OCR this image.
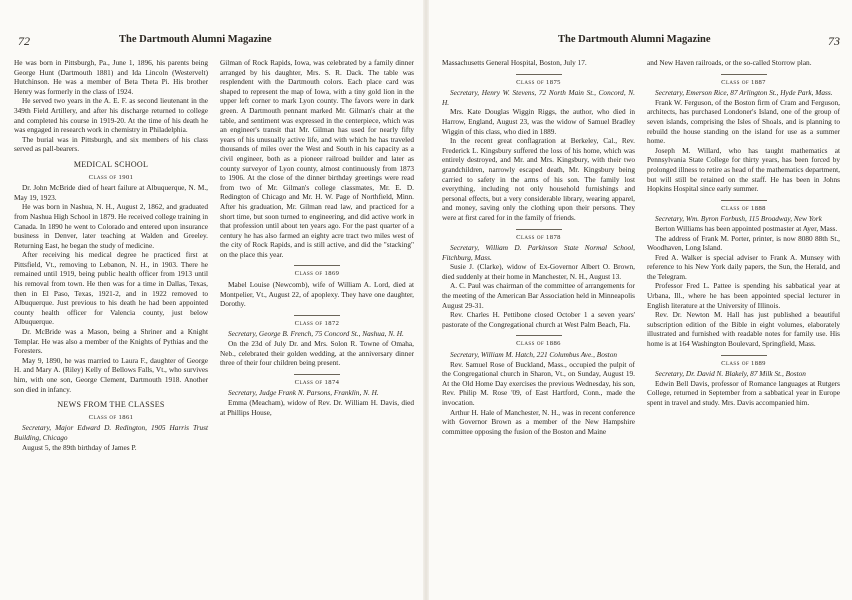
72	The Dartmouth Alumni Magazine

He was born in Pittsburgh, Pa., June 1, 1896, his parents being George Hunt (Dartmouth 1881) and Ida Lincoln (Westervelt) Hutchinson. He was a member of Beta Theta Pi. His brother Henry was formerly in the class of 1924.

He served two years in the A. E. F. as second lieutenant in the 349th Field Artillery, and after his discharge returned to college and completed his course in 1919-20. At the time of his death he was engaged in research work in chemistry in Philadelphia.

The burial was in Pittsburgh, and six members of his class served as pall-bearers.

MEDICAL SCHOOL
Class of 1901

Dr. John McBride died of heart failure at Albuquerque, N. M., May 19, 1923.

He was born in Nashua, N. H., August 2, 1862, and graduated from Nashua High School in 1879. He received college training in Canada. In 1890 he went to Colorado and entered upon insurance business in Denver, later teaching at Walden and Greeley. Returning East, he began the study of medicine.

After receiving his medical degree he practiced first at Pittsfield, Vt., removing to Lebanon, N. H., in 1903. There he remained until 1919, being public health officer from 1913 until his removal from town. He then was for a time in Dallas, Texas, then in El Paso, Texas, 1921-2, and in 1922 removed to Albuquerque. Just previous to his death he had been appointed county health officer for Valencia county, just below Albuquerque.

Dr. McBride was a Mason, being a Shriner and a Knight Templar. He was also a member of the Knights of Pythias and the Foresters.

May 9, 1890, he was married to Laura F., daughter of George H. and Mary A. (Riley) Kelly of Bellows Falls, Vt., who survives him, with one son, George Clement, Dartmouth 1918. Another son died in infancy.

NEWS FROM THE CLASSES
Class of 1861

Secretary, Major Edward D. Redington, 1905 Harris Trust Building, Chicago

August 5, the 89th birthday of James P.

Gilman of Rock Rapids, Iowa, was celebrated by a family dinner arranged by his daughter, Mrs. S. R. Dack. The table was resplendent with the Dartmouth colors. Each place card was shaped to represent the map of Iowa, with a tiny gold lion in the upper left corner to mark Lyon county. The favors were in dark green. A Dartmouth pennant marked Mr. Gilman's chair at the table, and sentiment was expressed in the centerpiece, which was an engineer's transit that Mr. Gilman has used for nearly fifty years of his unusually active life, and with which he has traveled thousands of miles over the West and South in his capacity as a civil engineer, both as a pioneer railroad builder and later as county surveyor of Lyon county, almost continuously from 1873 to 1906. At the close of the dinner birthday greetings were read from two of Mr. Gilman's college classmates, Mr. E. D. Redington of Chicago and Mr. H. W. Page of Northfield, Minn. After his graduation, Mr. Gilman read law, and practiced for a short time, but soon turned to engineering, and did active work in that profession until about ten years ago. For the past quarter of a century he has also farmed an eighty acre tract two miles west of the city of Rock Rapids, and is still active, and did the "stacking" on the place this year.

Class of 1869

Mabel Louise (Newcomb), wife of William A. Lord, died at Montpelier, Vt., August 22, of apoplexy. They have one daughter, Dorothy.

Class of 1872

Secretary, George B. French, 75 Concord St., Nashua, N. H.

On the 23d of July Dr. and Mrs. Solon R. Towne of Omaha, Neb., celebrated their golden wedding, at the anniversary dinner three of their four children being present.

Class of 1874

Secretary, Judge Frank N. Parsons, Franklin, N. H.

Emma (Meacham), widow of Rev. Dr. William H. Davis, died at Phillips House,

The Dartmouth Alumni Magazine	73

Massachusetts General Hospital, Boston, July 17.

Class of 1875

Secretary, Henry W. Stevens, 72 North Main St., Concord, N. H.

Mrs. Kate Douglas Wiggin Riggs, the author, who died in Harrow, England, August 23, was the widow of Samuel Bradley Wiggin of this class, who died in 1889.

In the recent great conflagration at Berkeley, Cal., Rev. Frederick L. Kingsbury suffered the loss of his home, which was entirely destroyed, and Mr. and Mrs. Kingsbury, with their two grandchildren, narrowly escaped death, Mr. Kingsbury being carried to safety in the arms of his son. The family lost everything, including not only household furnishings and personal effects, but a very considerable library, wearing apparel, and money, saving only the clothing upon their persons. They were at first cared for in the family of friends.

Class of 1878

Secretary, William D. Parkinson State Normal School, Fitchburg, Mass.

Susie J. (Clarke), widow of Ex-Governor Albert O. Brown, died suddenly at their home in Manchester, N. H., August 13.

A. C. Paul was chairman of the committee of arrangements for the meeting of the American Bar Association held in Minneapolis August 29-31.

Rev. Charles H. Pettibone closed October 1 a seven years' pastorate of the Congregational church at West Palm Beach, Fla.

Class of 1886

Secretary, William M. Hatch, 221 Columbus Ave., Boston

Rev. Samuel Rose of Buckland, Mass., occupied the pulpit of the Congregational church in Sharon, Vt., on Sunday, August 19. At the Old Home Day exercises the previous Wednesday, his son, Rev. Philip M. Rose '09, of East Hartford, Conn., made the invocation.

Arthur H. Hale of Manchester, N. H., was in recent conference with Governor Brown as a member of the New Hampshire committee opposing the fusion of the Boston and Maine

and New Haven railroads, or the so-called Storrow plan.

Class of 1887

Secretary, Emerson Rice, 87 Arlington St., Hyde Park, Mass.

Frank W. Ferguson, of the Boston firm of Cram and Ferguson, architects, has purchased Londoner's Island, one of the group of seven islands, comprising the Isles of Shoals, and is planning to rebuild the house standing on the island for use as a summer home.

Joseph M. Willard, who has taught mathematics at Pennsylvania State College for thirty years, has been forced by prolonged illness to retire as head of the mathematics department, but will still be retained on the staff. He has been in Johns Hopkins Hospital since early summer.

Class of 1888

Secretary, Wm. Byron Forbush, 115 Broadway, New York

Berton Williams has been appointed postmaster at Ayer, Mass.

The address of Frank M. Porter, printer, is now 8080 88th St., Woodhaven, Long Island.

Fred A. Walker is special adviser to Frank A. Munsey with reference to his New York daily papers, the Sun, the Herald, and the Telegram.

Professor Fred L. Pattee is spending his sabbatical year at Urbana, Ill., where he has been appointed special lecturer in English literature at the University of Illinois.

Rev. Dr. Newton M. Hall has just published a beautiful subscription edition of the Bible in eight volumes, elaborately illustrated and furnished with readable notes for family use. His home is at 164 Washington Boulevard, Springfield, Mass.

Class of 1889

Secretary, Dr. David N. Blakely, 87 Milk St., Boston

Edwin Bell Davis, professor of Romance languages at Rutgers College, returned in September from a sabbatical year in Europe spent in travel and study. Mrs. Davis accompanied him.
